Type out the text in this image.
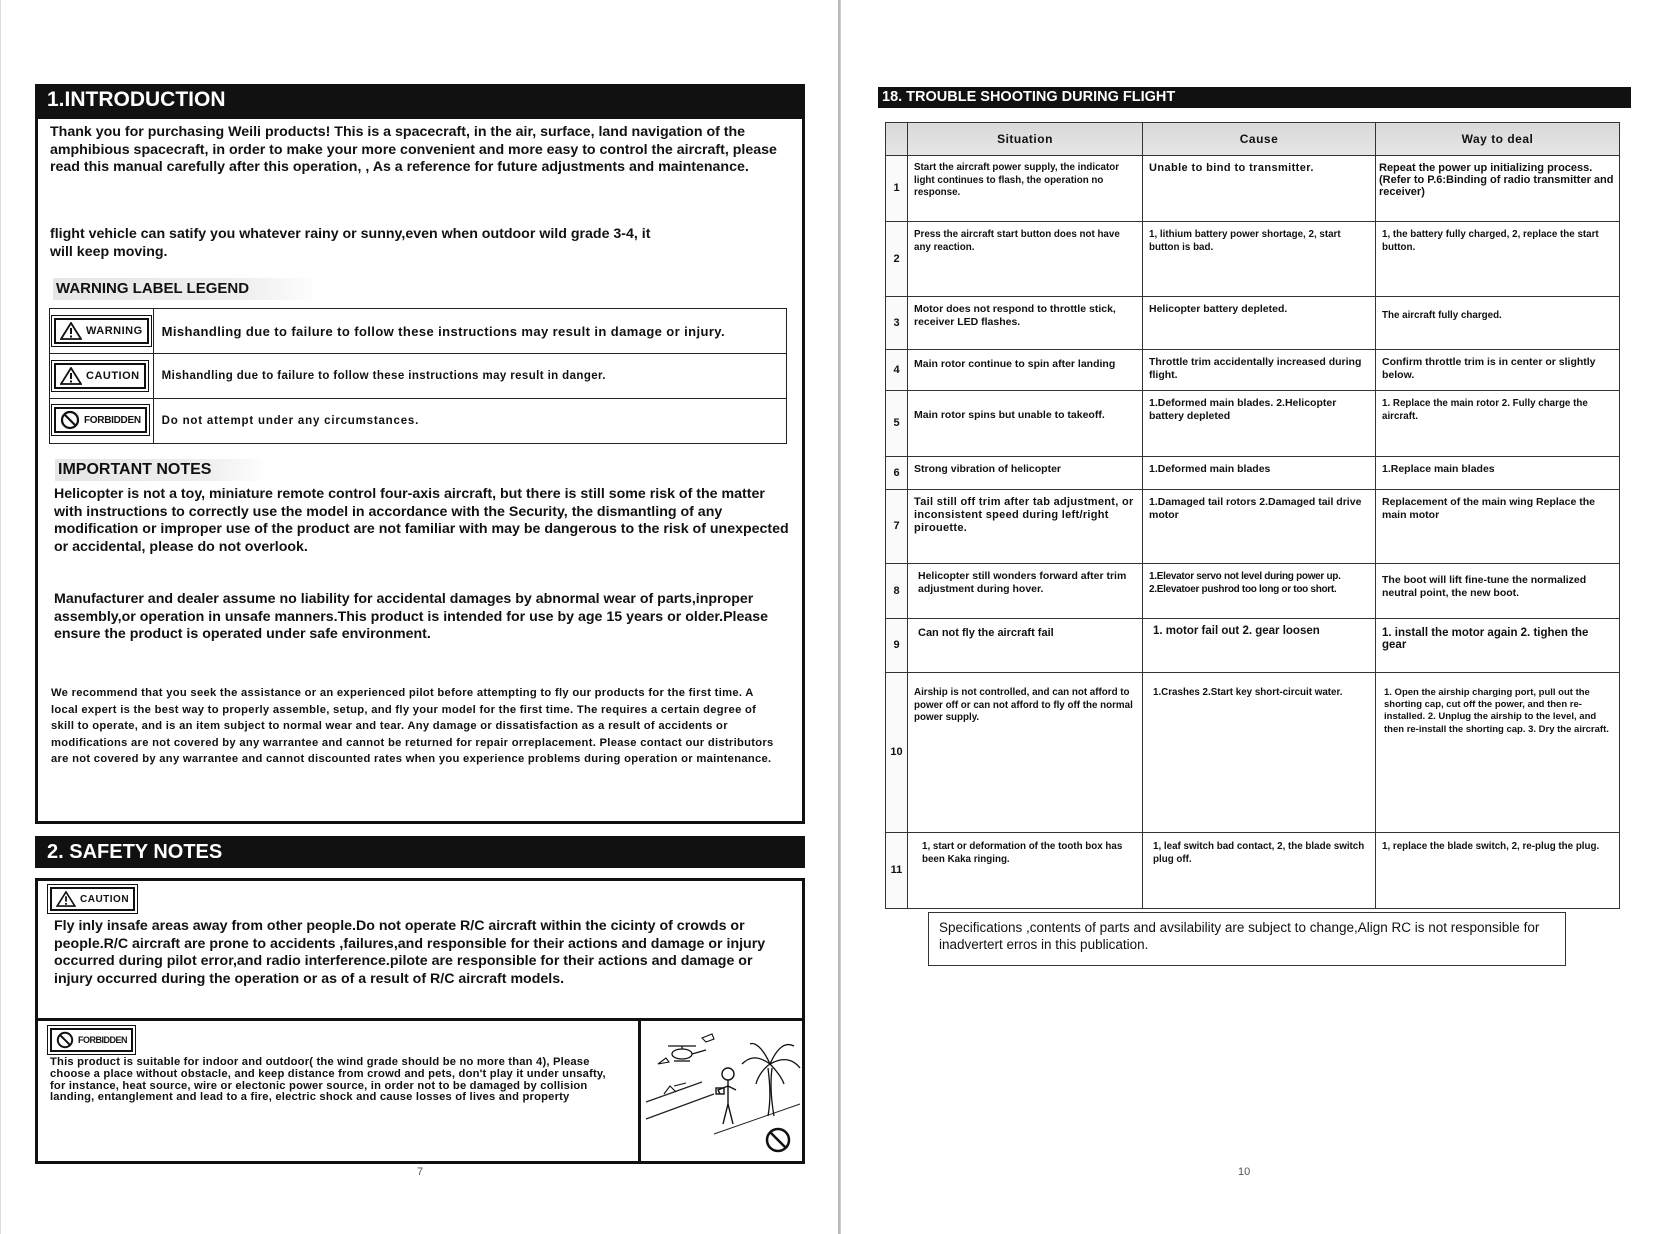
1.INTRODUCTION

Thank you for purchasing Weili products! This is a spacecraft, in the air, surface, land navigation of the amphibious spacecraft, in order to make your more convenient and more easy to control the aircraft, please read this manual carefully after this operation, , As a reference for future adjustments and maintenance.

flight vehicle can satify you whatever rainy or sunny,even when outdoor wild grade 3-4, it will keep moving.

WARNING LABEL LEGEND
WARNING	Mishandling due to failure to follow these instructions may result in damage or injury.

CAUTION	Mishandling due to failure to follow these instructions may result in danger.

FORBIDDEN	Do not attempt under any circumstances.
IMPORTANT NOTES

Helicopter is not a toy, miniature remote control four-axis aircraft, but there is still some risk of the matter with instructions to correctly use the model in accordance with the Security, the dismantling of any modification or improper use of the product are not familiar with may be dangerous to the risk of unexpected or accidental, please do not overlook.

Manufacturer and dealer assume no liability for accidental damages by abnormal wear of parts,inproper assembly,or operation in unsafe manners.This product is intended for use by age 15 years or older.Please ensure the product is operated under safe environment.

We recommend that you seek the assistance or an experienced pilot before attempting to fly our products for the first time. A local expert is the best way to properly assemble, setup, and fly your model for the first time. The requires a certain degree of skill to operate, and is an item subject to normal wear and tear. Any damage or dissatisfaction as a result of accidents or modifications are not covered by any warrantee and cannot be returned for repair orreplacement. Please contact our distributors are not covered by any warrantee and cannot discounted rates when you experience problems during operation or maintenance.

2. SAFETY NOTES
CAUTION

Fly inly insafe areas away from other people.Do not operate R/C aircraft within the cicinty of crowds or people.R/C aircraft are prone to accidents ,failures,and responsible for their actions and damage or injury occurred during pilot error,and radio interference.pilote are responsible for their actions and damage or injury occurred during the operation or as of a result of R/C aircraft models.

FORBIDDEN

This product is suitable for indoor and outdoor( the wind grade should be no more than 4), Please choose a place without obstacle, and keep distance from crowd and pets, don't play it under unsafty, for instance, heat source, wire or electonic power source, in order not to be damaged by collision landing, entanglement and lead to a fire, electric shock and cause losses of lives and property

7
18. TROUBLE SHOOTING DURING FLIGHT
	Situation	Cause	Way to deal
1	Start the aircraft power supply, the indicator light continues to flash, the operation no response.	Unable to bind to transmitter.	Repeat the power up initializing process. (Refer to P.6:Binding of radio transmitter and receiver)
2	Press the aircraft start button does not have any reaction.	1, lithium battery power shortage, 2, start button is bad.	1, the battery fully charged, 2, replace the start button.
3	Motor does not respond to throttle stick, receiver LED flashes.	Helicopter battery depleted.	The aircraft fully charged.
4	Main rotor continue to spin after landing	Throttle trim accidentally increased during flight.	Confirm throttle trim is in center or slightly below.
5	Main rotor spins but unable to takeoff.	1.Deformed main blades. 2.Helicopter battery depleted	1. Replace the main rotor 2. Fully charge the aircraft.
6	Strong vibration of helicopter	1.Deformed main blades	1.Replace main blades
7	Tail still off trim after tab adjustment, or inconsistent speed during left/right pirouette.	1.Damaged tail rotors 2.Damaged tail drive motor	Replacement of the main wing Replace the main motor
8	Helicopter still wonders forward after trim adjustment during hover.	1.Elevator servo not level during power up. 2.Elevatoer pushrod too long or too short.	The boot will lift fine-tune the normalized neutral point, the new boot.
9	Can not fly the aircraft fail	1. motor fail out 2. gear loosen	1. install the motor again 2. tighen the gear
10	Airship is not controlled, and can not afford to power off or can not afford to fly off the normal power supply.	1.Crashes 2.Start key short-circuit water.	1. Open the airship charging port, pull out the shorting cap, cut off the power, and then re-installed. 2. Unplug the airship to the level, and then re-install the shorting cap. 3. Dry the aircraft.
11	1, start or deformation of the tooth box has been Kaka ringing.	1, leaf switch bad contact, 2, the blade switch plug off.	1, replace the blade switch, 2, re-plug the plug.
Specifications ,contents of parts and avsilability are subject to change,Align RC is not responsible for inadvertert erros in this publication.
10
